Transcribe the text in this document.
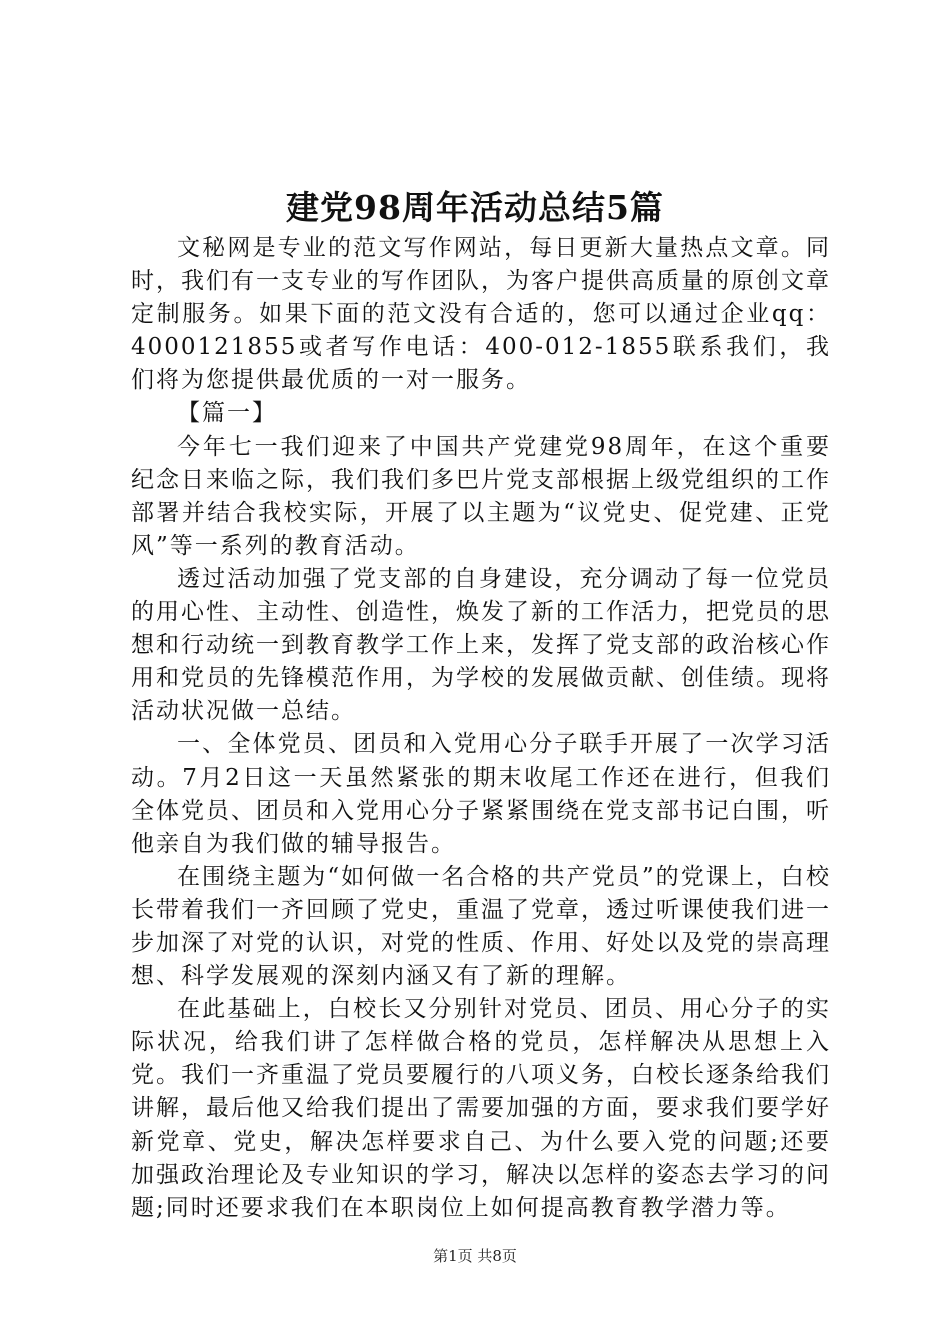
建党98周年活动总结5篇

文秘网是专业的范文写作网站，每日更新大量热点文章。同时，我们有一支专业的写作团队，为客户提供高质量的原创文章定制服务。如果下面的范文没有合适的，您可以通过企业qq：4000121855或者写作电话：400-012-1855联系我们，我们将为您提供最优质的一对一服务。

【篇一】

今年七一我们迎来了中国共产党建党98周年，在这个重要纪念日来临之际，我们我们多巴片党支部根据上级党组织的工作部署并结合我校实际，开展了以主题为“议党史、促党建、正党风”等一系列的教育活动。

透过活动加强了党支部的自身建设，充分调动了每一位党员的用心性、主动性、创造性，焕发了新的工作活力，把党员的思想和行动统一到教育教学工作上来，发挥了党支部的政治核心作用和党员的先锋模范作用，为学校的发展做贡献、创佳绩。现将活动状况做一总结。

一、全体党员、团员和入党用心分子联手开展了一次学习活动。7月2日这一天虽然紧张的期末收尾工作还在进行，但我们全体党员、团员和入党用心分子紧紧围绕在党支部书记白围，听他亲自为我们做的辅导报告。

在围绕主题为“如何做一名合格的共产党员”的党课上，白校长带着我们一齐回顾了党史，重温了党章，透过听课使我们进一步加深了对党的认识，对党的性质、作用、好处以及党的崇高理想、科学发展观的深刻内涵又有了新的理解。

在此基础上，白校长又分别针对党员、团员、用心分子的实际状况，给我们讲了怎样做合格的党员，怎样解决从思想上入党。我们一齐重温了党员要履行的八项义务，白校长逐条给我们讲解，最后他又给我们提出了需要加强的方面，要求我们要学好新党章、党史，解决怎样要求自己、为什么要入党的问题;还要加强政治理论及专业知识的学习，解决以怎样的姿态去学习的问题;同时还要求我们在本职岗位上如何提高教育教学潜力等。

第1页 共8页
